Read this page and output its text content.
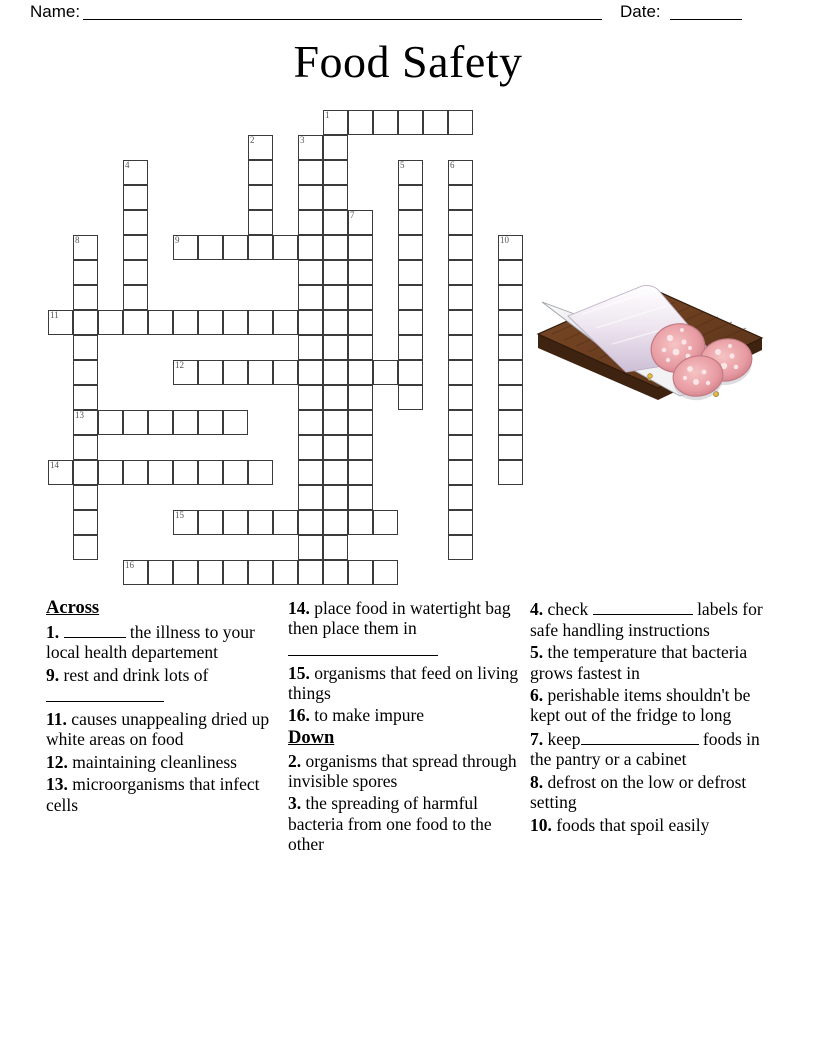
Name:	Date:
Food Safety
1
2	3
4	5	6
7
8	9	10
11
12
13
14
15
16

Across

1.	the illness to your local health departement

9. rest and drink lots of

11. causes unappealing dried up white areas on food

12. maintaining cleanliness

13. microorganisms that infect cells

14. place food in watertight bag then place them in

15. organisms that feed on living things

16. to make impure

Down

2. organisms that spread through invisible spores

3. the spreading of harmful bacteria from one food to the other

4. check	labels for safe handling instructions

5. the temperature that bacteria grows fastest in

6. perishable items shouldn't be kept out of the fridge to long

7. keep	foods in the pantry or a cabinet

8. defrost on the low or defrost setting

10. foods that spoil easily
